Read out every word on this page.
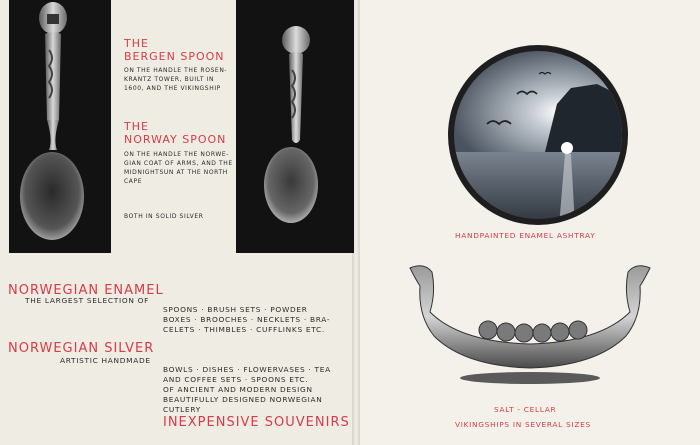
THE

BERGEN SPOON

ON THE HANDLE THE ROSEN-

KRANTZ TOWER, BUILT IN

1600, AND THE VIKINGSHIP

THE

NORWAY SPOON

ON THE HANDLE THE NORWE-

GIAN COAT OF ARMS, AND THE

MIDNIGHTSUN AT THE NORTH

CAPE

BOTH IN SOLID SILVER

NORWEGIAN ENAMEL

THE LARGEST SELECTION OF

SPOONS · BRUSH SETS · POWDER

BOXES · BROOCHES · NECKLETS · BRA-

CELETS · THIMBLES · CUFFLINKS ETC.

NORWEGIAN SILVER

ARTISTIC HANDMADE

BOWLS · DISHES · FLOWERVASES · TEA

AND COFFEE SETS · SPOONS ETC.

OF ANCIENT AND MODERN DESIGN

BEAUTIFULLY DESIGNED NORWEGIAN

CUTLERY

INEXPENSIVE SOUVENIRS

HANDPAINTED ENAMEL ASHTRAY

SALT - CELLAR

VIKINGSHIPS IN SEVERAL SIZES
